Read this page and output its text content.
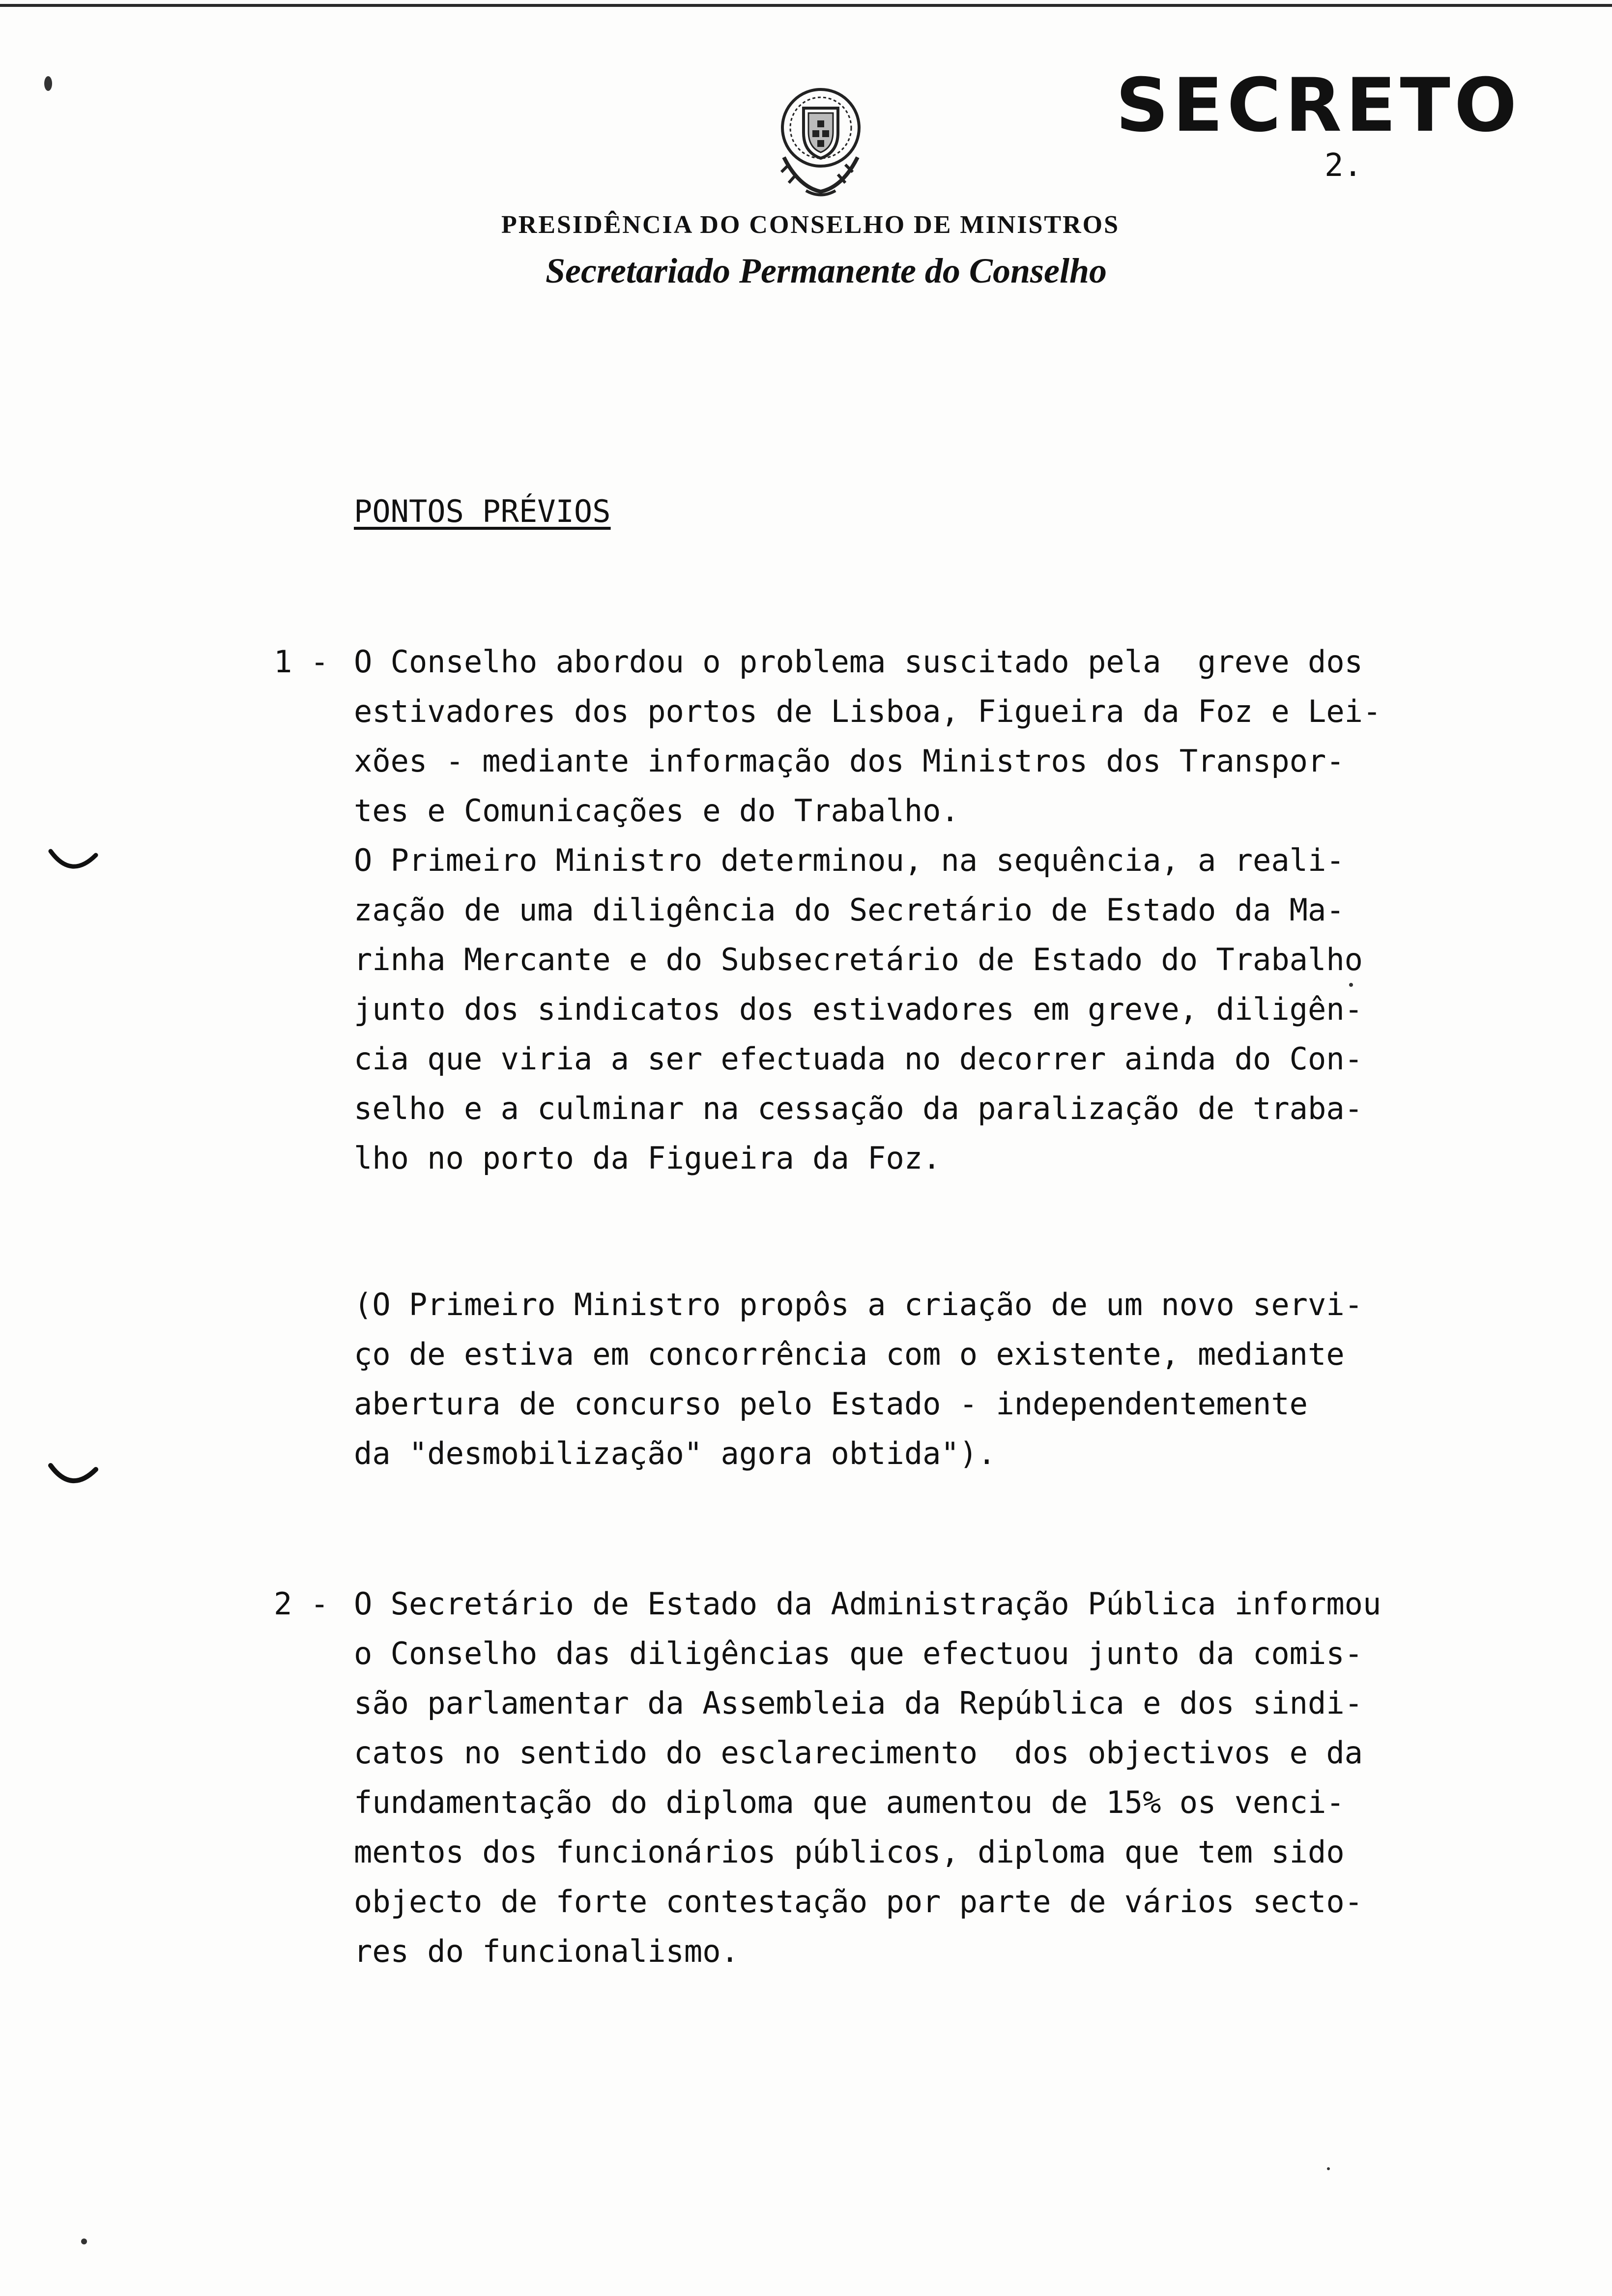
SECRETO
2.
PRESIDÊNCIA DO CONSELHO DE MINISTROS
Secretariado Permanente do Conselho
PONTOS PRÉVIOS
1 - O Conselho abordou o problema suscitado pela  greve dos
estivadores dos portos de Lisboa, Figueira da Foz e Lei-
xões - mediante informação dos Ministros dos Transpor-
tes e Comunicações e do Trabalho.
O Primeiro Ministro determinou, na sequência, a reali-
zação de uma diligência do Secretário de Estado da Ma-
rinha Mercante e do Subsecretário de Estado do Trabalho
junto dos sindicatos dos estivadores em greve, diligên-
cia que viria a ser efectuada no decorrer ainda do Con-
selho e a culminar na cessação da paralização de traba-
lho no porto da Figueira da Foz.
(O Primeiro Ministro propôs a criação de um novo servi-
ço de estiva em concorrência com o existente, mediante
abertura de concurso pelo Estado - independentemente
da "desmobilização" agora obtida").
2 - O Secretário de Estado da Administração Pública informou
o Conselho das diligências que efectuou junto da comis-
são parlamentar da Assembleia da República e dos sindi-
catos no sentido do esclarecimento  dos objectivos e da
fundamentação do diploma que aumentou de 15% os venci-
mentos dos funcionários públicos, diploma que tem sido
objecto de forte contestação por parte de vários secto-
res do funcionalismo.
